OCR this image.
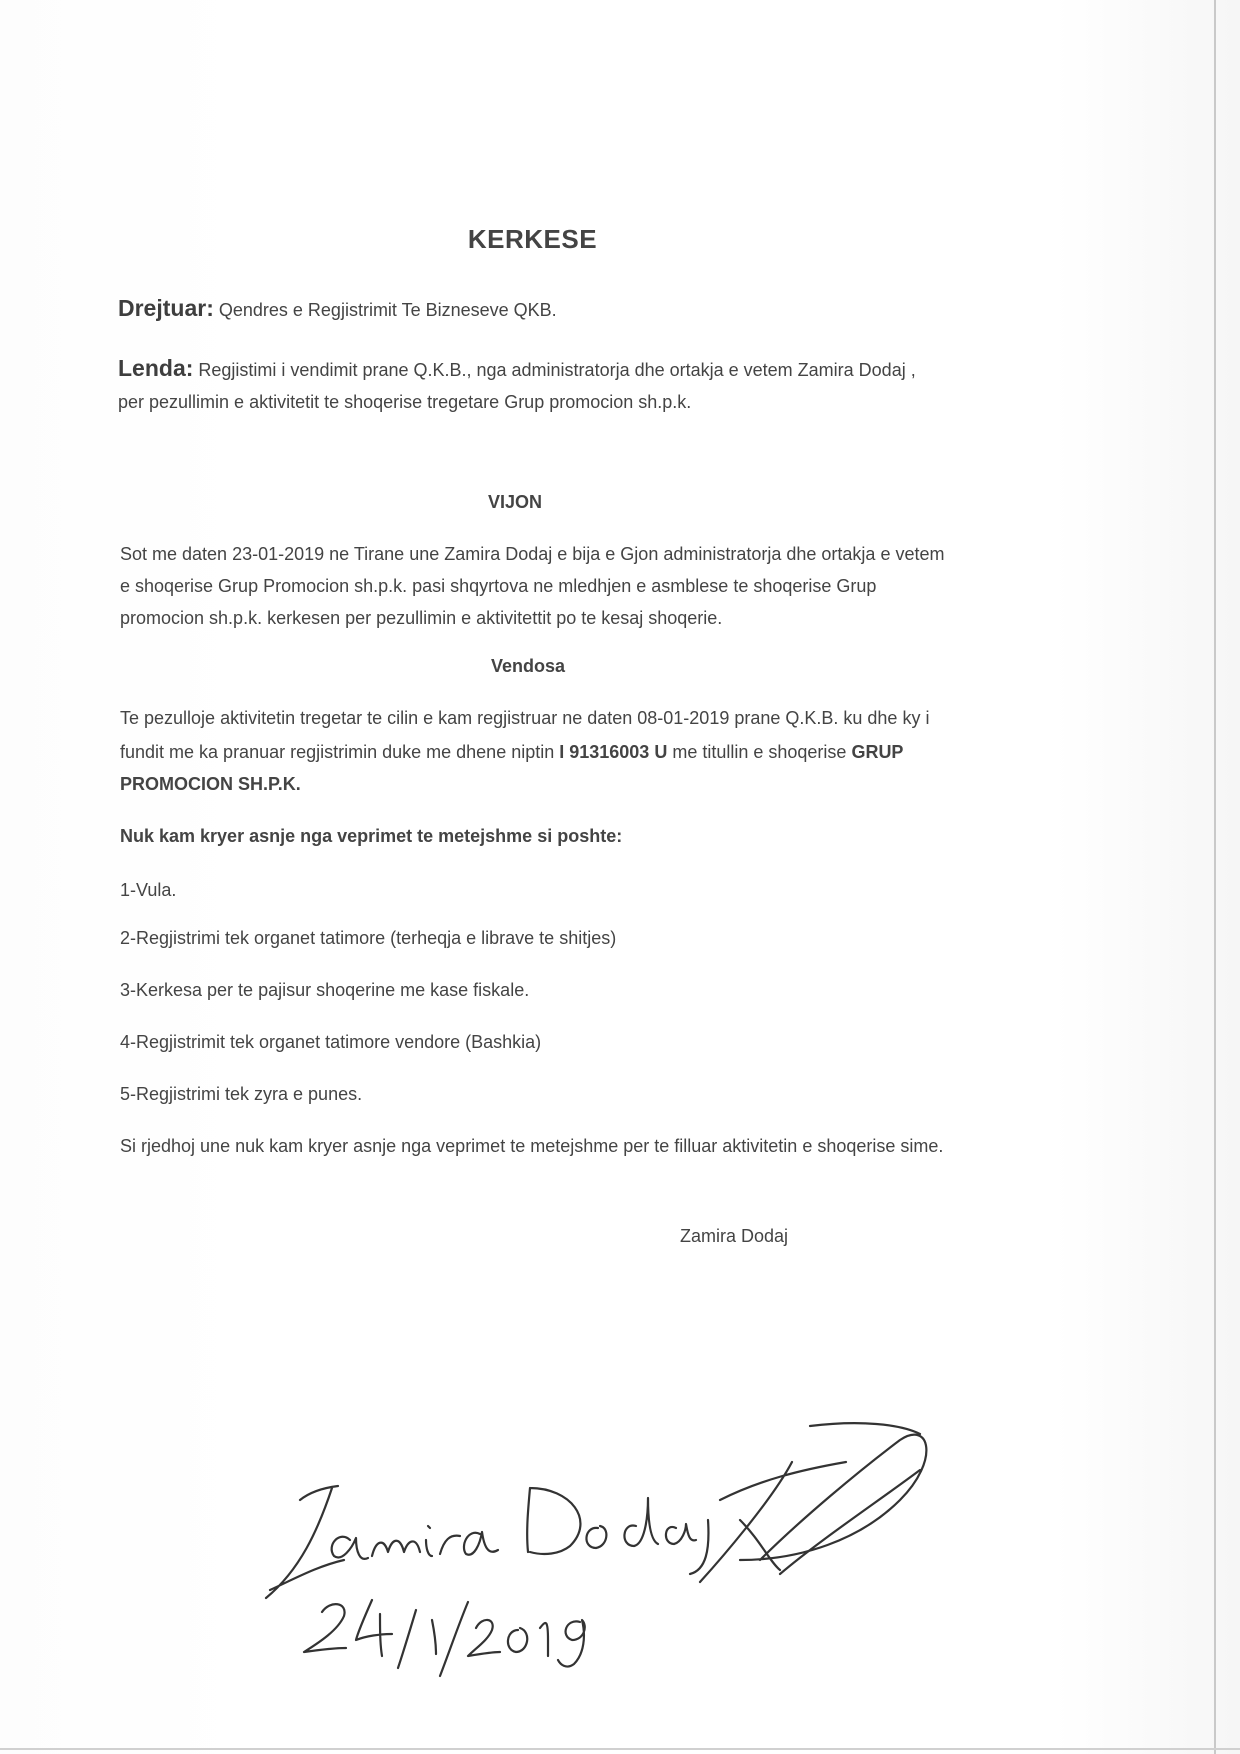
KERKESE
Drejtuar: Qendres e Regjistrimit Te Bizneseve QKB.
Lenda: Regjistimi i vendimit prane Q.K.B., nga administratorja dhe ortakja e vetem Zamira Dodaj ,
per pezullimin e aktivitetit te shoqerise tregetare Grup promocion sh.p.k.
VIJON
Sot me daten 23-01-2019 ne Tirane une Zamira Dodaj e bija e Gjon administratorja dhe ortakja e vetem
e shoqerise Grup Promocion sh.p.k. pasi shqyrtova ne mledhjen e asmblese te shoqerise Grup
promocion sh.p.k. kerkesen per pezullimin e aktivitettit po te kesaj shoqerie.
Vendosa
Te pezulloje aktivitetin tregetar te cilin e kam regjistruar ne daten 08-01-2019 prane Q.K.B. ku dhe ky i
fundit me ka pranuar regjistrimin duke me dhene niptin I 91316003 U me titullin e shoqerise GRUP
PROMOCION SH.P.K.
Nuk kam kryer asnje nga veprimet te metejshme si poshte:
1-Vula.
2-Regjistrimi tek organet tatimore (terheqja e librave te shitjes)
3-Kerkesa per te pajisur shoqerine me kase fiskale.
4-Regjistrimit tek organet tatimore vendore (Bashkia)
5-Regjistrimi tek zyra e punes.
Si rjedhoj une nuk kam kryer asnje nga veprimet te metejshme per te filluar aktivitetin e shoqerise sime.
Zamira Dodaj
